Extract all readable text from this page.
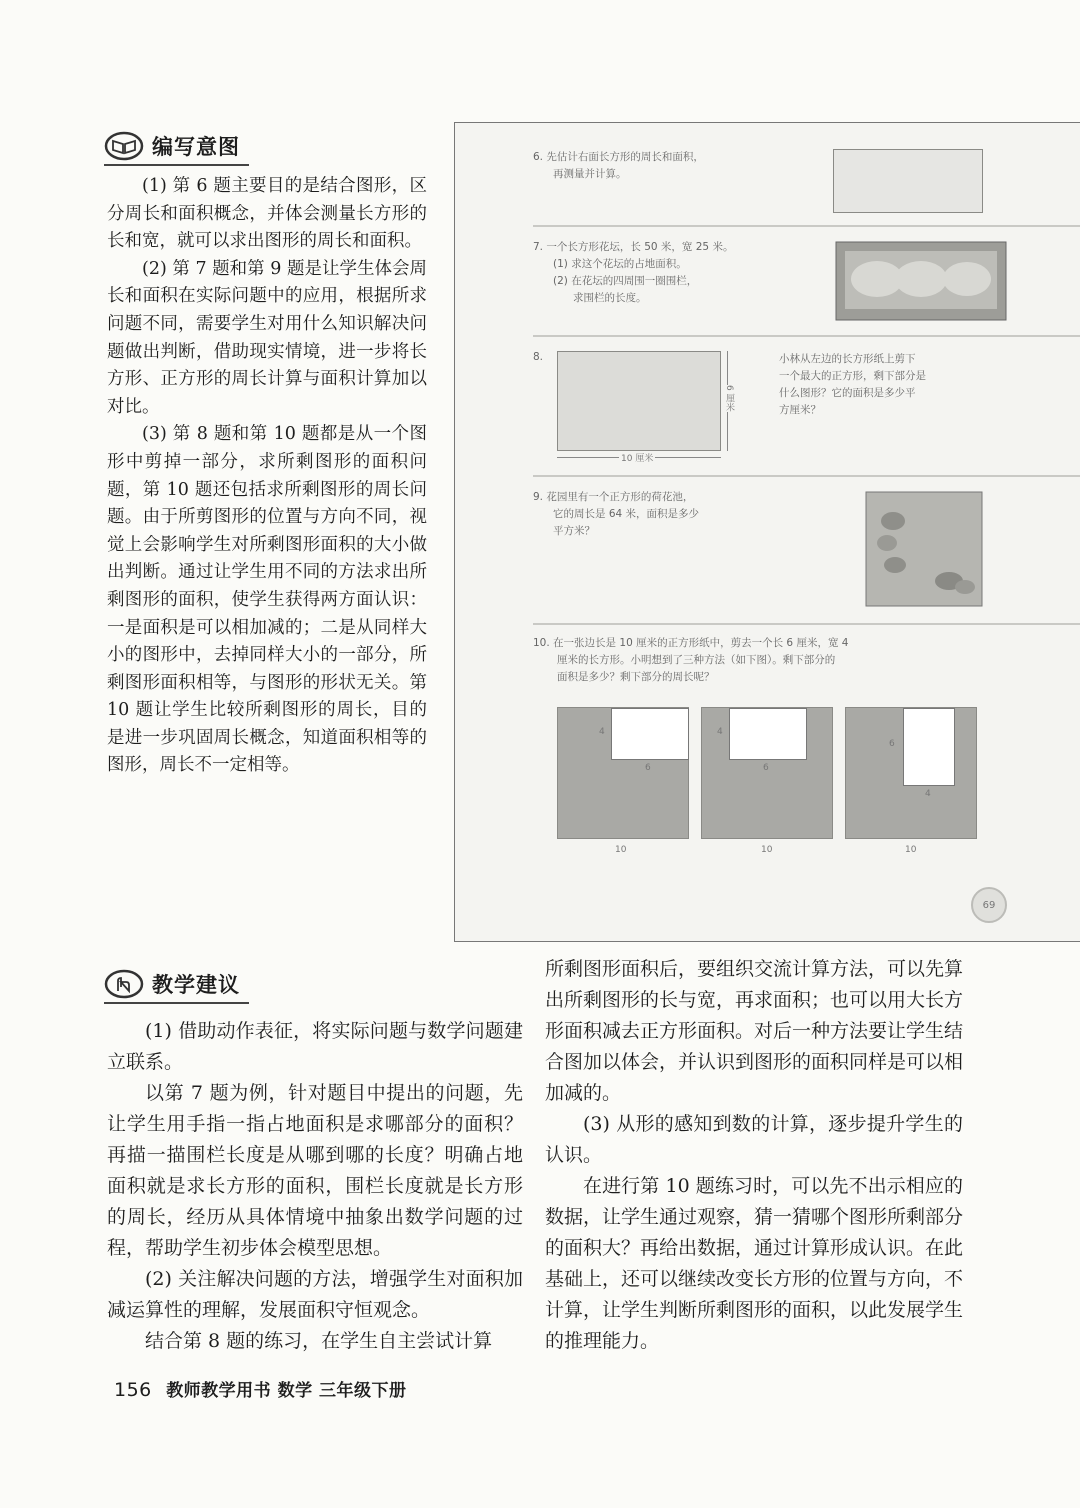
编写意图

(1) 第 6 题主要目的是结合图形，区分周长和面积概念，并体会测量长方形的长和宽，就可以求出图形的周长和面积。

(2) 第 7 题和第 9 题是让学生体会周长和面积在实际问题中的应用，根据所求问题不同，需要学生对用什么知识解决问题做出判断，借助现实情境，进一步将长方形、正方形的周长计算与面积计算加以对比。

(3) 第 8 题和第 10 题都是从一个图形中剪掉一部分，求所剩图形的面积问题，第 10 题还包括求所剩图形的周长问题。由于所剪图形的位置与方向不同，视觉上会影响学生对所剩图形面积的大小做出判断。通过让学生用不同的方法求出所剩图形的面积，使学生获得两方面认识：一是面积是可以相加减的；二是从同样大小的图形中，去掉同样大小的一部分，所剩图形面积相等，与图形的形状无关。第 10 题让学生比较所剩图形的周长，目的是进一步巩固周长概念，知道面积相等的图形，周长不一定相等。

6. 先估计右面长方形的周长和面积，
再测量并计算。
7. 一个长方形花坛，长 50 米，宽 25 米。
(1) 求这个花坛的占地面积。
(2) 在花坛的四周围一圈围栏，
求围栏的长度。
8.
10 厘米
6 厘米
小林从左边的长方形纸上剪下
一个最大的正方形，剩下部分是
什么图形？它的面积是多少平
方厘米？
9. 花园里有一个正方形的荷花池，
它的周长是 64 米，面积是多少
平方米？
10. 在一张边长是 10 厘米的正方形纸中，剪去一个长 6 厘米，宽 4
厘米的长方形。小明想到了三种方法（如下图）。剩下部分的
面积是多少？剩下部分的周长呢？
4
6
10
4
6
10
6
4
10
69
教学建议

(1) 借助动作表征，将实际问题与数学问题建立联系。

以第 7 题为例，针对题目中提出的问题，先让学生用手指一指占地面积是求哪部分的面积？再描一描围栏长度是从哪到哪的长度？明确占地面积就是求长方形的面积，围栏长度就是长方形的周长，经历从具体情境中抽象出数学问题的过程，帮助学生初步体会模型思想。

(2) 关注解决问题的方法，增强学生对面积加减运算性的理解，发展面积守恒观念。

结合第 8 题的练习，在学生自主尝试计算

所剩图形面积后，要组织交流计算方法，可以先算出所剩图形的长与宽，再求面积；也可以用大长方形面积减去正方形面积。对后一种方法要让学生结合图加以体会，并认识到图形的面积同样是可以相加减的。

(3) 从形的感知到数的计算，逐步提升学生的认识。

在进行第 10 题练习时，可以先不出示相应的数据，让学生通过观察，猜一猜哪个图形所剩部分的面积大？再给出数据，通过计算形成认识。在此基础上，还可以继续改变长方形的位置与方向，不计算，让学生判断所剩图形的面积，以此发展学生的推理能力。

156 教师教学用书 数学 三年级下册
